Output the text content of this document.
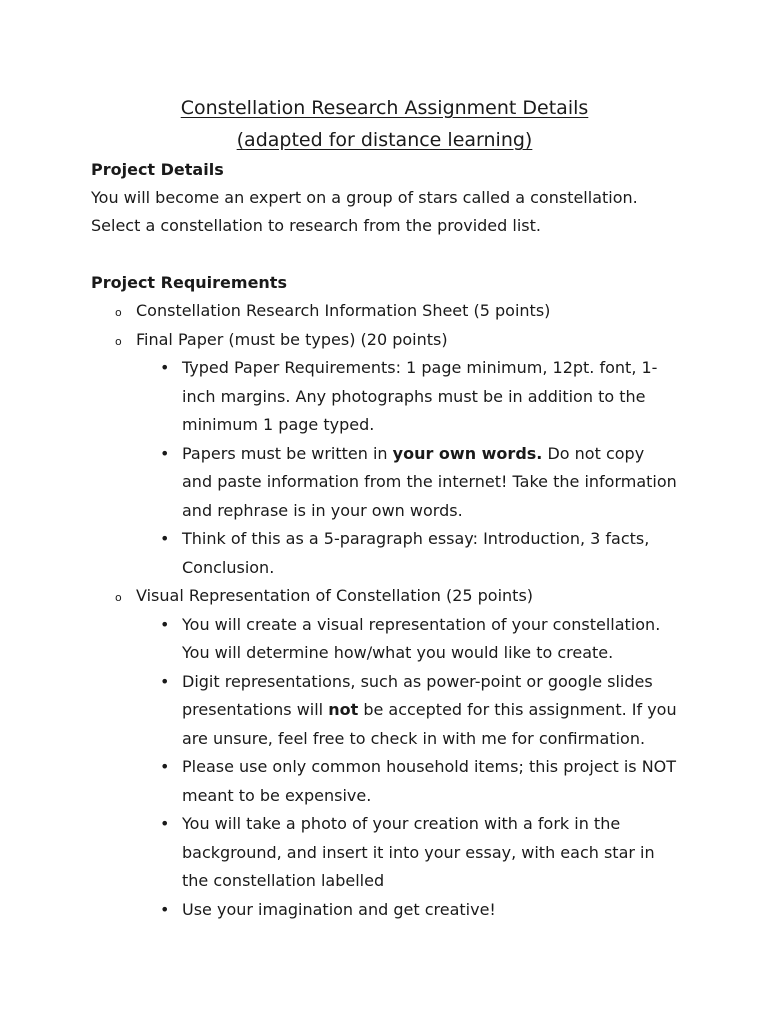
Constellation Research Assignment Details
(adapted for distance learning)

Project Details

You will become an expert on a group of stars called a constellation.

Select a constellation to research from the provided list.

Project Requirements

o Constellation Research Information Sheet (5 points)
o Final Paper (must be types) (20 points)
• Typed Paper Requirements: 1 page minimum, 12pt. font, 1-inch margins. Any photographs must be in addition to the minimum 1 page typed.
• Papers must be written in your own words. Do not copy and paste information from the internet! Take the information and rephrase is in your own words.
• Think of this as a 5-paragraph essay: Introduction, 3 facts, Conclusion.
o Visual Representation of Constellation (25 points)
• You will create a visual representation of your constellation. You will determine how/what you would like to create.
• Digit representations, such as power-point or google slides presentations will not be accepted for this assignment. If you are unsure, feel free to check in with me for confirmation.
• Please use only common household items; this project is NOT meant to be expensive.
• You will take a photo of your creation with a fork in the background, and insert it into your essay, with each star in the constellation labelled
• Use your imagination and get creative!
